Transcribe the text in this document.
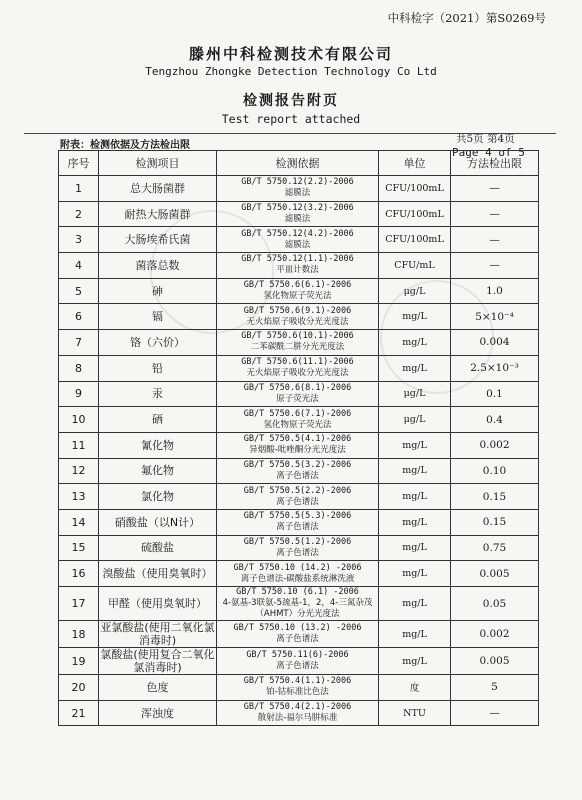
中科检字（2021）第S0269号
滕州中科检测技术有限公司
Tengzhou Zhongke Detection Technology Co Ltd
检测报告附页
Test report attached
附表：检测依据及方法检出限
共5页 第4页
Page 4 of 5
序号	检测项目	检测依据	单位	方法检出限
1	总大肠菌群	GB/T 5750.12(2.2)-2006
滤膜法	CFU/100mL	—
2	耐热大肠菌群	GB/T 5750.12(3.2)-2006
滤膜法	CFU/100mL	—
3	大肠埃希氏菌	GB/T 5750.12(4.2)-2006
滤膜法	CFU/100mL	—
4	菌落总数	GB/T 5750.12(1.1)-2006
平皿计数法	CFU/mL	—
5	砷	GB/T 5750.6(6.1)-2006
氢化物原子荧光法	μg/L	1.0
6	镉	GB/T 5750.6(9.1)-2006
无火焰原子吸收分光光度法	mg/L	5×10⁻⁴
7	铬（六价）	GB/T 5750.6(10.1)-2006
二苯碳酰二肼分光光度法	mg/L	0.004
8	铅	GB/T 5750.6(11.1)-2006
无火焰原子吸收分光光度法	mg/L	2.5×10⁻³
9	汞	GB/T 5750.6(8.1)-2006
原子荧光法	μg/L	0.1
10	硒	GB/T 5750.6(7.1)-2006
氢化物原子荧光法	μg/L	0.4
11	氰化物	GB/T 5750.5(4.1)-2006
异烟酸-吡唑酮分光光度法	mg/L	0.002
12	氟化物	GB/T 5750.5(3.2)-2006
离子色谱法	mg/L	0.10
13	氯化物	GB/T 5750.5(2.2)-2006
离子色谱法	mg/L	0.15
14	硝酸盐（以N计）	GB/T 5750.5(5.3)-2006
离子色谱法	mg/L	0.15
15	硫酸盐	GB/T 5750.5(1.2)-2006
离子色谱法	mg/L	0.75
16	溴酸盐（使用臭氧时）	GB/T 5750.10 (14.2) -2006
离子色谱法-碳酸盐系统淋洗液	mg/L	0.005
17	甲醛（使用臭氧时）	GB/T 5750.10 (6.1) -2006
4-氨基-3联氨-5巯基-1，2，4-三氮杂茂（AHMT）分光光度法	mg/L	0.05
18	亚氯酸盐(使用二氧化氯消毒时)	GB/T 5750.10 (13.2) -2006
离子色谱法	mg/L	0.002
19	氯酸盐(使用复合二氧化氯消毒时)	GB/T 5750.11(6)-2006
离子色谱法	mg/L	0.005
20	色度	GB/T 5750.4(1.1)-2006
铂-钴标准比色法	度	5
21	浑浊度	GB/T 5750.4(2.1)-2006
散射法-福尔马肼标准	NTU	—
